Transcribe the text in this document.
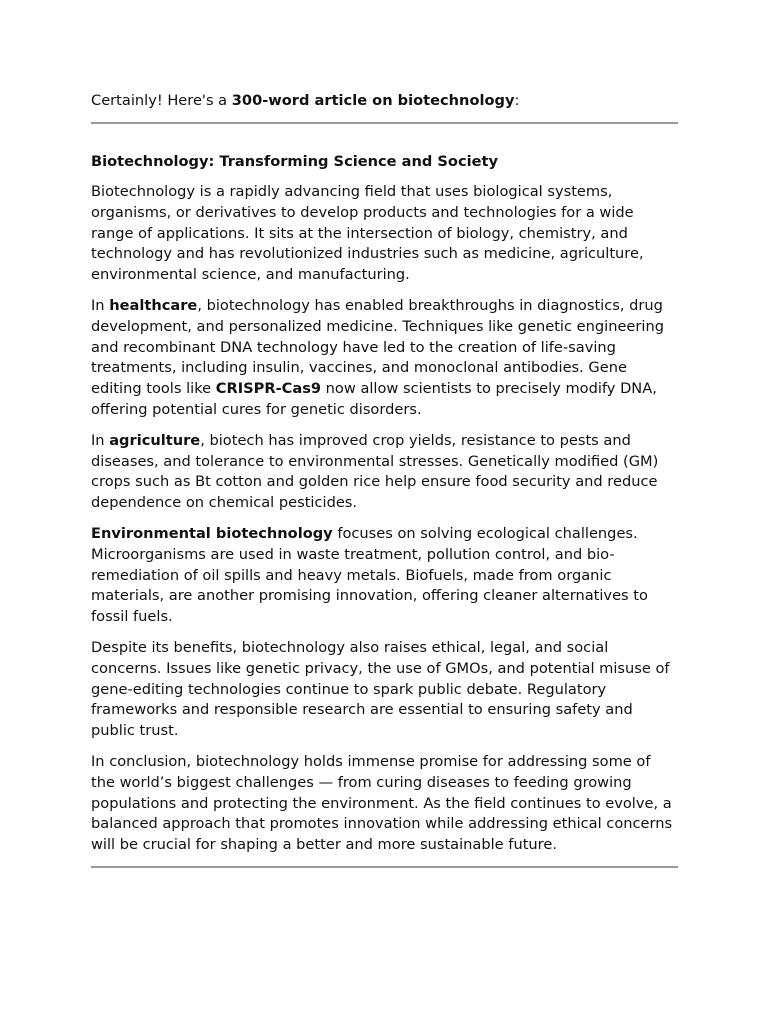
Certainly! Here's a 300-word article on biotechnology:

Biotechnology: Transforming Science and Society

Biotechnology is a rapidly advancing field that uses biological systems, organisms, or derivatives to develop products and technologies for a wide range of applications. It sits at the intersection of biology, chemistry, and technology and has revolutionized industries such as medicine, agriculture, environmental science, and manufacturing.

In healthcare, biotechnology has enabled breakthroughs in diagnostics, drug development, and personalized medicine. Techniques like genetic engineering and recombinant DNA technology have led to the creation of life-saving treatments, including insulin, vaccines, and monoclonal antibodies. Gene editing tools like CRISPR-Cas9 now allow scientists to precisely modify DNA, offering potential cures for genetic disorders.

In agriculture, biotech has improved crop yields, resistance to pests and diseases, and tolerance to environmental stresses. Genetically modified (GM) crops such as Bt cotton and golden rice help ensure food security and reduce dependence on chemical pesticides.

Environmental biotechnology focuses on solving ecological challenges. Microorganisms are used in waste treatment, pollution control, and bio-remediation of oil spills and heavy metals. Biofuels, made from organic materials, are another promising innovation, offering cleaner alternatives to fossil fuels.

Despite its benefits, biotechnology also raises ethical, legal, and social concerns. Issues like genetic privacy, the use of GMOs, and potential misuse of gene-editing technologies continue to spark public debate. Regulatory frameworks and responsible research are essential to ensuring safety and public trust.

In conclusion, biotechnology holds immense promise for addressing some of the world’s biggest challenges — from curing diseases to feeding growing populations and protecting the environment. As the field continues to evolve, a balanced approach that promotes innovation while addressing ethical concerns will be crucial for shaping a better and more sustainable future.
